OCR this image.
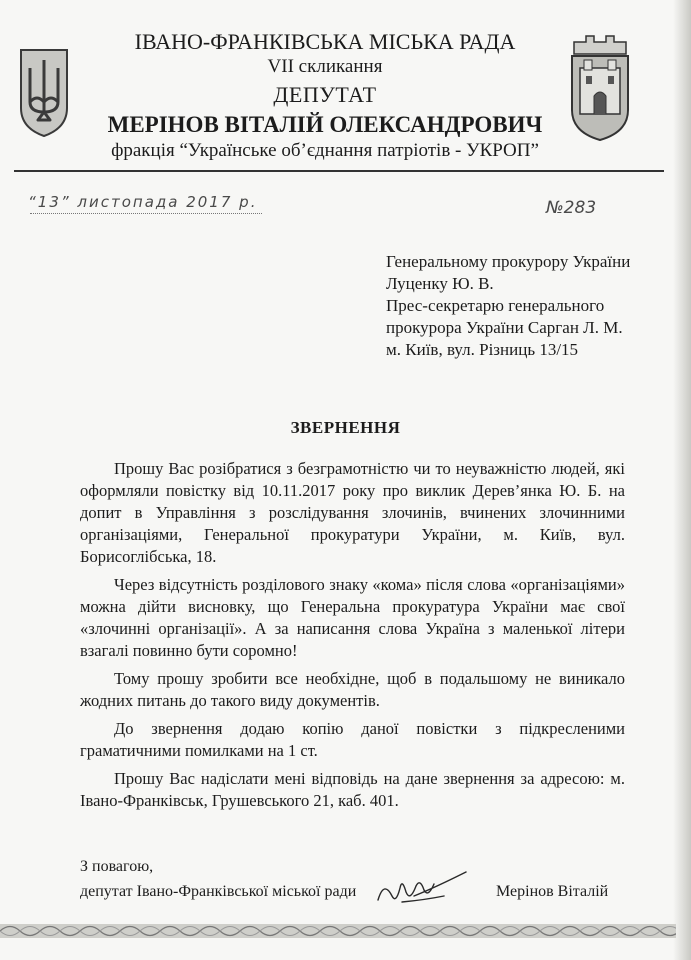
ІВАНО-ФРАНКІВСЬКА МІСЬКА РАДА
VII скликання
ДЕПУТАТ
МЕРІНОВ ВІТАЛІЙ ОЛЕКСАНДРОВИЧ
фракція “Українське об’єднання патріотів - УКРОП”
“13” листопада 2017 р.	№283
Генеральному прокурору України
Луценку Ю. В.
Прес-секретарю генерального
прокурора України Сарган Л. М.
м. Київ, вул. Різниць 13/15
ЗВЕРНЕННЯ

Прошу Вас розібратися з безграмотністю чи то неуважністю людей, які оформляли повістку від 10.11.2017 року про виклик Дерев’янка Ю. Б. на допит в Управління з розслідування злочинів, вчинених злочинними організаціями, Генеральної прокуратури України, м. Київ, вул. Борисоглібська, 18.

Через відсутність розділового знаку «кома» після слова «організаціями» можна дійти висновку, що Генеральна прокуратура України має свої «злочинні організації». А за написання слова Україна з маленької літери взагалі повинно бути соромно!

Тому прошу зробити все необхідне, щоб в подальшому не виникало жодних питань до такого виду документів.

До звернення додаю копію даної повістки з підкресленими граматичними помилками на 1 ст.

Прошу Вас надіслати мені відповідь на дане звернення за адресою: м. Івано-Франківськ, Грушевського 21, каб. 401.

З повагою,
депутат Івано-Франківської міської ради	Мерінов Віталій
